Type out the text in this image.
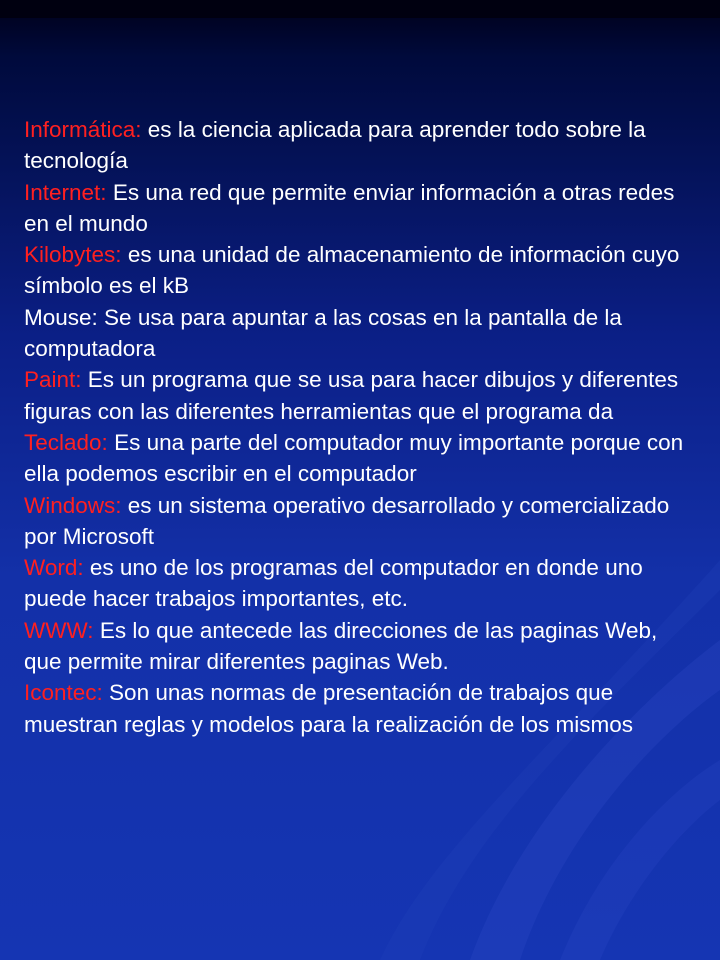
Informática: es la ciencia aplicada para aprender todo sobre la tecnología

Internet: Es una red que permite enviar información a otras redes en el mundo

Kilobytes: es una unidad de almacenamiento de información cuyo símbolo es el kB

Mouse: Se usa para apuntar a las cosas en la pantalla de la computadora

Paint: Es un programa que se usa para hacer dibujos y diferentes figuras con las diferentes herramientas que el programa da

Teclado: Es una parte del computador muy importante porque con ella podemos escribir en el computador

Windows: es un sistema operativo desarrollado y comercializado por Microsoft

Word: es uno de los programas del computador en donde uno puede hacer trabajos importantes, etc.

WWW: Es lo que antecede las direcciones de las paginas Web, que permite mirar diferentes paginas Web.

Icontec: Son unas normas de presentación de trabajos que muestran reglas y modelos para la realización de los mismos
